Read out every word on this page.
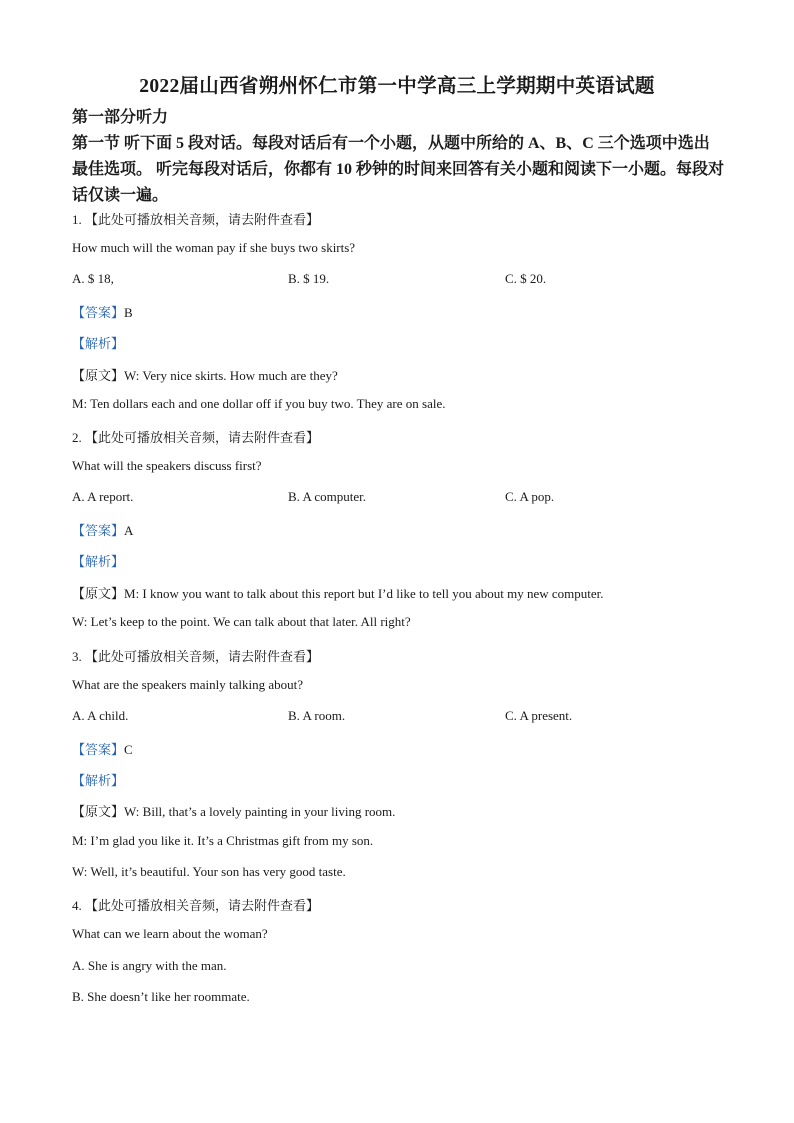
2022届山西省朔州怀仁市第一中学高三上学期期中英语试题
第一部分听力
第一节 听下面 5 段对话。每段对话后有一个小题，从题中所给的 A、B、C 三个选项中选出
最佳选项。 听完每段对话后，你都有 10 秒钟的时间来回答有关小题和阅读下一小题。每段对
话仅读一遍。
1. 【此处可播放相关音频，请去附件查看】
How much will the woman pay if she buys two skirts?
A. $ 18,	B. $ 19.	C. $ 20.
【答案】B
【解析】
【原文】W: Very nice skirts. How much are they?
M: Ten dollars each and one dollar off if you buy two. They are on sale.
2. 【此处可播放相关音频，请去附件查看】
What will the speakers discuss first?
A. A report.	B. A computer.	C. A pop.
【答案】A
【解析】
【原文】M: I know you want to talk about this report but I’d like to tell you about my new computer.
W: Let’s keep to the point. We can talk about that later. All right?
3. 【此处可播放相关音频，请去附件查看】
What are the speakers mainly talking about?
A. A child.	B. A room.	C. A present.
【答案】C
【解析】
【原文】W: Bill, that’s a lovely painting in your living room.
M: I’m glad you like it. It’s a Christmas gift from my son.
W: Well, it’s beautiful. Your son has very good taste.
4. 【此处可播放相关音频，请去附件查看】
What can we learn about the woman?
A. She is angry with the man.
B. She doesn’t like her roommate.
